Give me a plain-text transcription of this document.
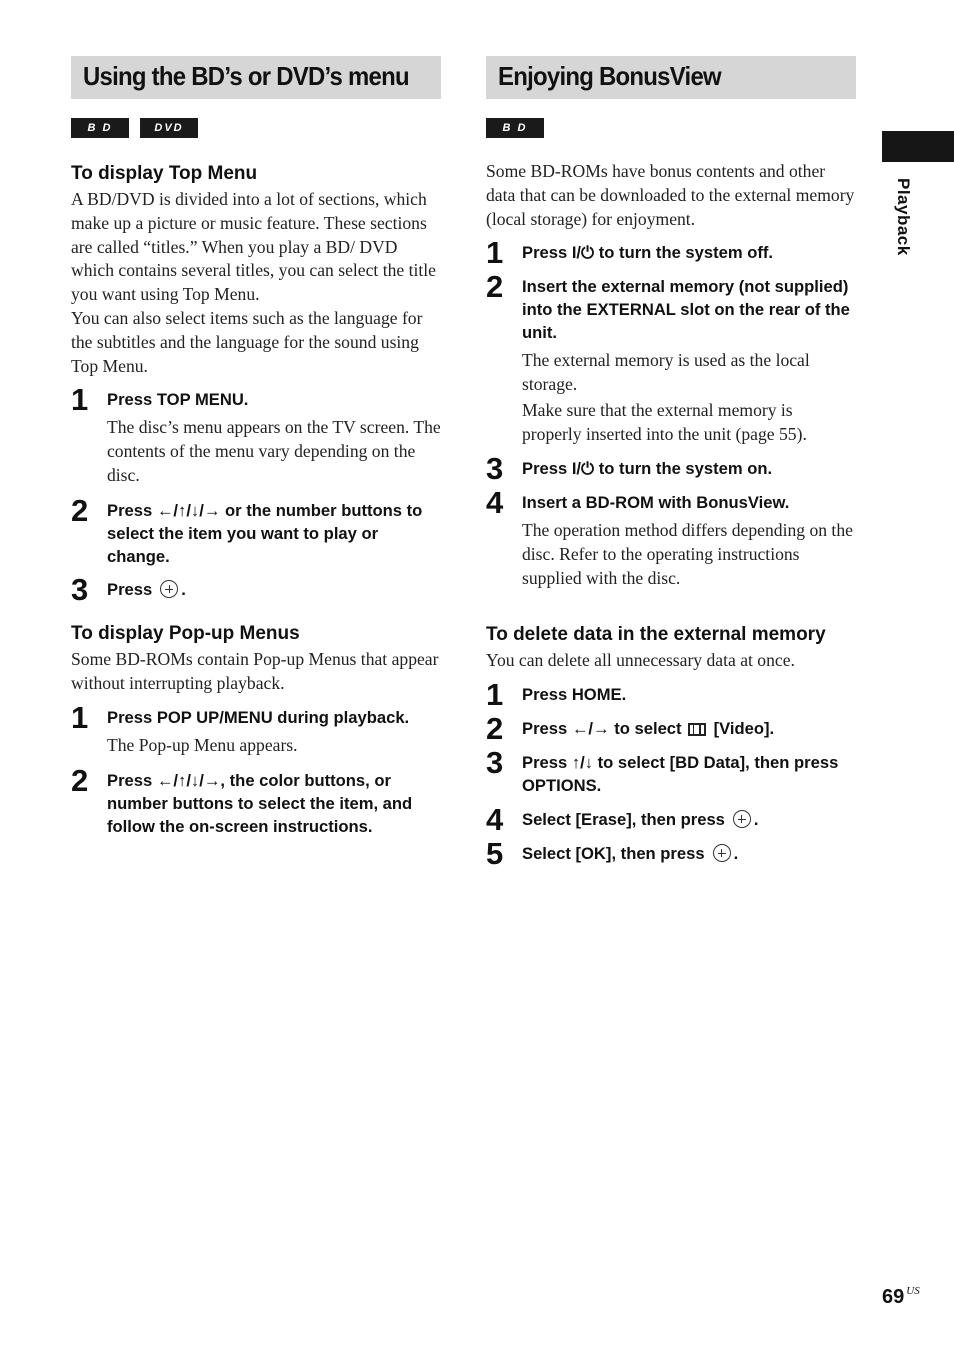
Using the BD’s or DVD’s menu
B D	DVD
To display Top Menu

A BD/DVD is divided into a lot of sections, which make up a picture or music feature. These sections are called “titles.” When you play a BD/ DVD which contains several titles, you can select the title you want using Top Menu.

You can also select items such as the language for the subtitles and the language for the sound using Top Menu.

1 Press TOP MENU.

The disc’s menu appears on the TV screen. The contents of the menu vary depending on the disc.

2 Press ←/↑/↓/→ or the number buttons to select the item you want to play or change.

3 Press .

To display Pop-up Menus

Some BD-ROMs contain Pop-up Menus that appear without interrupting playback.

1 Press POP UP/MENU during playback.

The Pop-up Menu appears.

2 Press ←/↑/↓/→, the color buttons, or number buttons to select the item, and follow the on-screen instructions.

Enjoying BonusView
B D

Some BD-ROMs have bonus contents and other data that can be downloaded to the external memory (local storage) for enjoyment.

1 Press I/⏻ to turn the system off.

2 Insert the external memory (not supplied) into the EXTERNAL slot on the rear of the unit.

The external memory is used as the local storage.

Make sure that the external memory is properly inserted into the unit (page 55).

3 Press I/⏻ to turn the system on.

4 Insert a BD-ROM with BonusView.

The operation method differs depending on the disc. Refer to the operating instructions supplied with the disc.

To delete data in the external memory

You can delete all unnecessary data at once.

1 Press HOME.

2 Press ←/→ to select [Video].

3 Press ↑/↓ to select [BD Data], then press OPTIONS.

4 Select [Erase], then press .

5 Select [OK], then press .

Playback
69 $^{US}$
